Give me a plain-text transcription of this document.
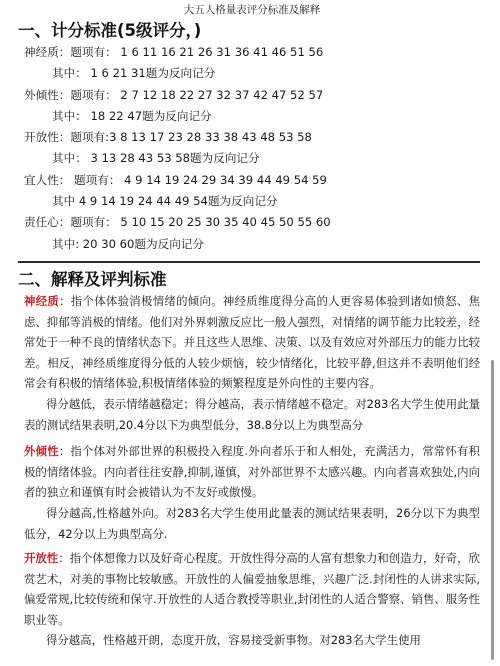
大五人格量表评分标准及解释
一、计分标准(5级评分，)
神经质：题项有： 1 6 11 16 21 26 31 36 41 46 51 56
其中： 1 6 21 31题为反向记分
外倾性：题项有： 2 7 12 18 22 27 32 37 42 47 52 57
其中： 18 22 47题为反向记分
开放性：题项有:3 8 13 17 23 28 33 38 43 48 53 58
其中： 3 13 28 43 53 58题为反向记分
宜人性： 题项有： 4 9 14 19 24 29 34 39 44 49 54 59
其中 4 9 14 19 24 44 49 54题为反向记分
责任心：题项有： 5 10 15 20 25 30 35 40 45 50 55 60
其中: 20 30 60题为反向记分
二、解释及评判标准

神经质：指个体体验消极情绪的倾向。神经质维度得分高的人更容易体验到诸如愤怒、焦虑、抑郁等消极的情绪。他们对外界刺激反应比一般人强烈，对情绪的调节能力比较差，经常处于一种不良的情绪状态下。并且这些人思维、决策、以及有效应对外部压力的能力比较差。相反，神经质维度得分低的人较少烦恼，较少情绪化，比较平静,但这并不表明他们经常会有积极的情绪体验,积极情绪体验的频繁程度是外向性的主要内容。

得分越低，表示情绪越稳定；得分越高，表示情绪越不稳定。对283名大学生使用此量表的测试结果表明,20.4分以下为典型低分，38.8分以上为典型高分

外倾性：指个体对外部世界的积极投入程度.外向者乐于和人相处，充满活力，常常怀有积极的情绪体验。内向者往往安静,抑制,谨慎，对外部世界不太感兴趣。内向者喜欢独处,内向者的独立和谨慎有时会被错认为不友好或傲慢。

得分越高,性格越外向。对283名大学生使用此量表的测试结果表明，26分以下为典型低分，42分以上为典型高分.

开放性：指个体想像力以及好奇心程度。开放性得分高的人富有想象力和创造力，好奇，欣赏艺术，对美的事物比较敏感。开放性的人偏爱抽象思维，兴趣广泛.封闭性的人讲求实际,偏爱常规,比较传统和保守.开放性的人适合教授等职业,封闭性的人适合警察、销售、服务性职业等。

得分越高，性格越开朗，态度开放，容易接受新事物。对283名大学生使用
